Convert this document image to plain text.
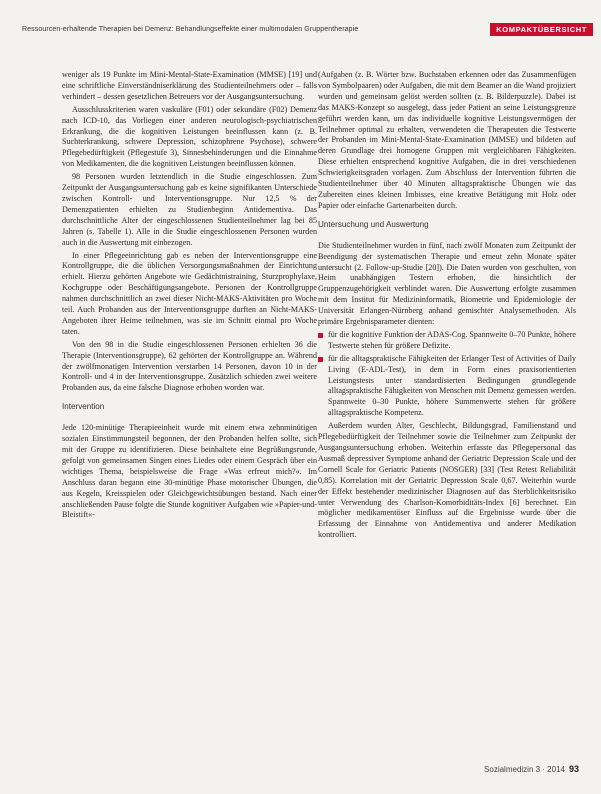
Ressourcen-erhaltende Therapien bei Demenz: Behandlungseffekte einer multimodalen Gruppentherapie	KOMPAKTÜBERSICHT

weniger als 19 Punkte im Mini-Mental-State-Examination (MMSE) [19] und eine schriftliche Einverständniserklärung des Studienteilnehmers oder – falls verhindert – dessen gesetzlichen Betreuers vor der Ausgangsuntersuchung.

Ausschlusskriterien waren vaskuläre (F01) oder sekundäre (F02) Demenz nach ICD-10, das Vorliegen einer anderen neurologisch-psychiatrischen Erkrankung, die die kognitiven Leistungen beeinflussen kann (z. B. Suchterkrankung, schwere Depression, schizophrene Psychose), schwere Pflegebedürftigkeit (Pflegestufe 3), Sinnesbehinderungen und die Einnahme von Medikamenten, die die kognitiven Leistungen beeinflussen können.

98 Personen wurden letztendlich in die Studie eingeschlossen. Zum Zeitpunkt der Ausgangsuntersuchung gab es keine signifikanten Unterschiede zwischen Kontroll- und Interventionsgruppe. Nur 12,5 % der Demenzpatienten erhielten zu Studienbeginn Antidementiva. Das durchschnittliche Alter der eingeschlossenen Studienteilnehmer lag bei 85 Jahren (s. Tabelle 1). Alle in die Studie eingeschlossenen Personen wurden auch in die Auswertung mit einbezogen.

In einer Pflegeeinrichtung gab es neben der Interventionsgruppe eine Kontrollgruppe, die die üblichen Versorgungsmaßnahmen der Einrichtung erhielt. Hierzu gehörten Angebote wie Gedächtnistraining, Sturzprophylaxe, Kochgruppe oder Beschäftigungsangebote. Personen der Kontrollgruppe nahmen durchschnittlich an zwei dieser Nicht-MAKS-Aktivitäten pro Woche teil. Auch Probanden aus der Interventionsgruppe durften an Nicht-MAKS-Angeboten ihrer Heime teilnehmen, was sie im Schnitt einmal pro Woche taten.

Von den 98 in die Studie eingeschlossenen Personen erhielten 36 die Therapie (Interventionsgruppe), 62 gehörten der Kontrollgruppe an. Während der zwölfmonatigen Intervention verstarben 14 Personen, davon 10 in der Kontroll- und 4 in der Interventionsgruppe. Zusätzlich schieden zwei weitere Probanden aus, da eine falsche Diagnose erhoben worden war.

Intervention

Jede 120-minütige Therapieeinheit wurde mit einem etwa zehnminütigen sozialen Einstimmungsteil begonnen, der den Probanden helfen sollte, sich mit der Gruppe zu identifizieren. Diese beinhaltete eine Begrüßungsrunde, gefolgt von gemeinsamen Singen eines Liedes oder einem Gespräch über ein wichtiges Thema, beispielsweise die Frage »Was erfreut mich?«. Im Anschluss daran begann eine 30-minütige Phase motorischer Übungen, die aus Kegeln, Kreisspielen oder Gleichgewichtsübungen bestand. Nach einer anschließenden Pause folgte die Stunde kognitiver Aufgaben wie »Papier-und-Bleistift«-

(Aufgaben (z. B. Wörter bzw. Buchstaben erkennen oder das Zusammenfügen von Symbolpaaren) oder Aufgaben, die mit dem Beamer an die Wand projiziert wurden und gemeinsam gelöst werden sollten (z. B. Bilderpuzzle). Dabei ist das MAKS-Konzept so ausgelegt, dass jeder Patient an seine Leistungsgrenze geführt werden kann, um das individuelle kognitive Leistungsvermögen der Teilnehmer optimal zu erhalten, verwendeten die Therapeuten die Testwerte der Probanden im Mini-Mental-State-Examination (MMSE) und bildeten auf deren Grundlage drei homogene Gruppen mit vergleichbaren Fähigkeiten. Diese erhielten entsprechend kognitive Aufgaben, die in drei verschiedenen Schwierigkeitsgraden vorlagen. Zum Abschluss der Intervention führten die Studienteilnehmer über 40 Minuten alltagspraktische Übungen wie das Zubereiten eines kleinen Imbisses, eine kreative Betätigung mit Holz oder Papier oder einfache Gartenarbeiten durch.

Untersuchung und Auswertung

Die Studienteilnehmer wurden in fünf, nach zwölf Monaten zum Zeitpunkt der Beendigung der systematischen Therapie und erneut zehn Monate später untersucht (2. Follow-up-Studie [20]). Die Daten wurden von geschulten, von Heim unabhängigen Testern erhoben, die hinsichtlich der Gruppenzugehörigkeit verblindet waren. Die Auswertung erfolgte zusammen mit dem Institut für Medizininformatik, Biometrie und Epidemiologie der Universität Erlangen-Nürnberg anhand gemischter Analysemethoden. Als primäre Ergebnisparameter dienten:

für die kognitive Funktion der ADAS-Cog. Spannweite 0–70 Punkte, höhere Testwerte stehen für größere Defizite.
für die alltagspraktische Fähigkeiten der Erlanger Test of Activities of Daily Living (E-ADL-Test), in dem in Form eines praxisorientierten Leistungstests unter standardisierten Bedingungen grundlegende alltagspraktische Fähigkeiten von Menschen mit Demenz gemessen werden. Spannweite 0–30 Punkte, höhere Summenwerte stehen für größere alltagspraktische Kompetenz.

Außerdem wurden Alter, Geschlecht, Bildungsgrad, Familienstand und Pflegebedürftigkeit der Teilnehmer sowie die Teilnehmer zum Zeitpunkt der Ausgangsuntersuchung erhoben. Weiterhin erfasste das Pflegepersonal das Ausmaß depressiver Symptome anhand der Geriatric Depression Scale und der Cornell Scale for Geriatric Patients (NOSGER) [33] (Test Retest Reliabilität 0,85). Korrelation mit der Geriatric Depression Scale 0,67. Weiterhin wurde der Effekt bestehender medizinischer Diagnosen auf das Sterblichkeitsrisiko unter Verwendung des Charlson-Komorbiditäts-Index [6] berechnet. Ein möglicher medikamentöser Einfluss auf die Ergebnisse wurde über die Erfassung der Einnahme von Antidementiva und anderer Medikation kontrolliert.

Sozialmedizin 3 · 2014 93
